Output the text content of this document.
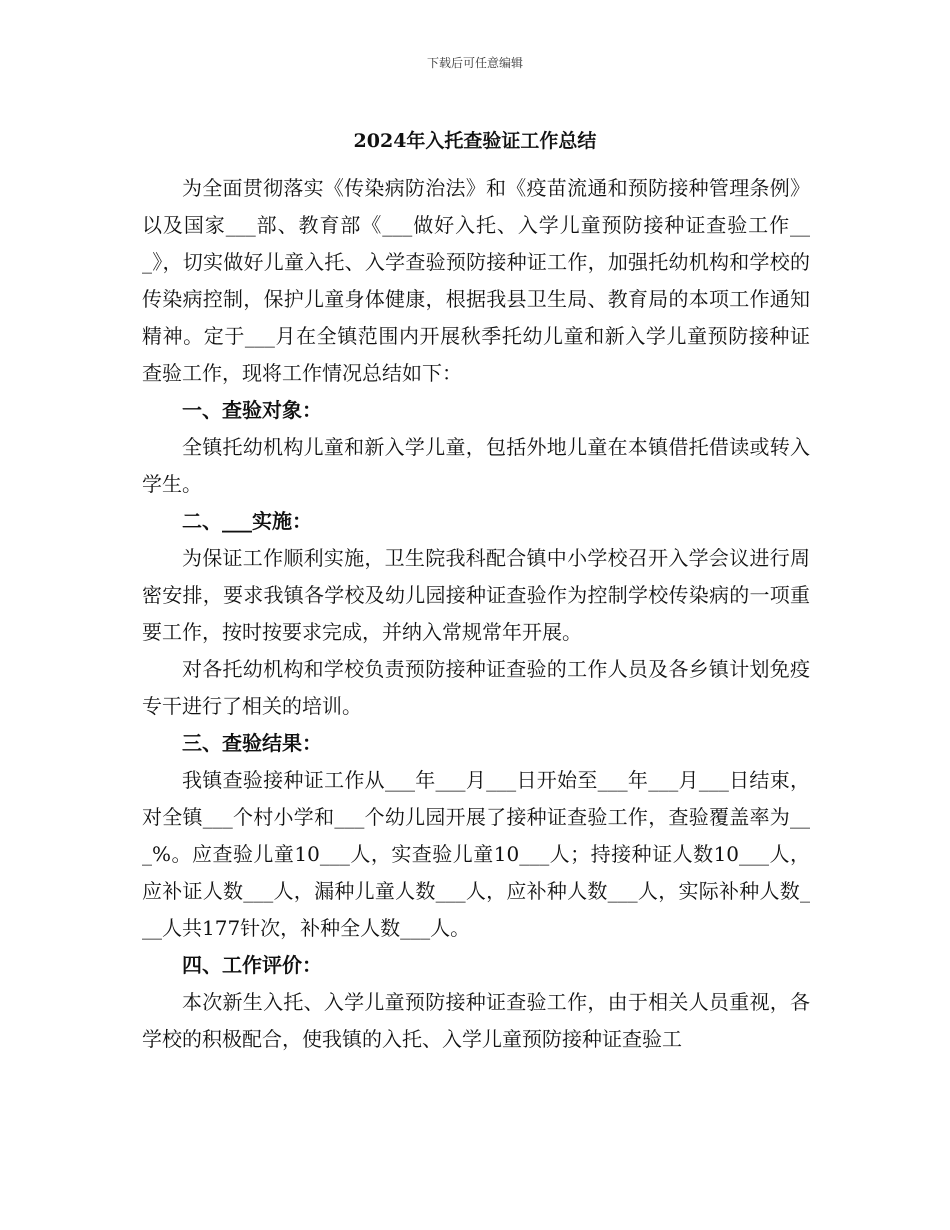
下载后可任意编辑
2024年入托查验证工作总结

为全面贯彻落实《传染病防治法》和《疫苗流通和预防接种管理条例》以及国家___部、教育部《___做好入托、入学儿童预防接种证查验工作___》，切实做好儿童入托、入学查验预防接种证工作，加强托幼机构和学校的传染病控制，保护儿童身体健康，根据我县卫生局、教育局的本项工作通知精神。定于___月在全镇范围内开展秋季托幼儿童和新入学儿童预防接种证查验工作，现将工作情况总结如下：

一、查验对象：

全镇托幼机构儿童和新入学儿童，包括外地儿童在本镇借托借读或转入学生。

二、___实施：

为保证工作顺利实施，卫生院我科配合镇中小学校召开入学会议进行周密安排，要求我镇各学校及幼儿园接种证查验作为控制学校传染病的一项重要工作，按时按要求完成，并纳入常规常年开展。

对各托幼机构和学校负责预防接种证查验的工作人员及各乡镇计划免疫专干进行了相关的培训。

三、查验结果：

我镇查验接种证工作从___年___月___日开始至___年___月___日结束，对全镇___个村小学和___个幼儿园开展了接种证查验工作，查验覆盖率为___%。应查验儿童10___人，实查验儿童10___人；持接种证人数10___人，应补证人数___人，漏种儿童人数___人，应补种人数___人，实际补种人数___人共177针次，补种全人数___人。

四、工作评价：

本次新生入托、入学儿童预防接种证查验工作，由于相关人员重视，各学校的积极配合，使我镇的入托、入学儿童预防接种证查验工
